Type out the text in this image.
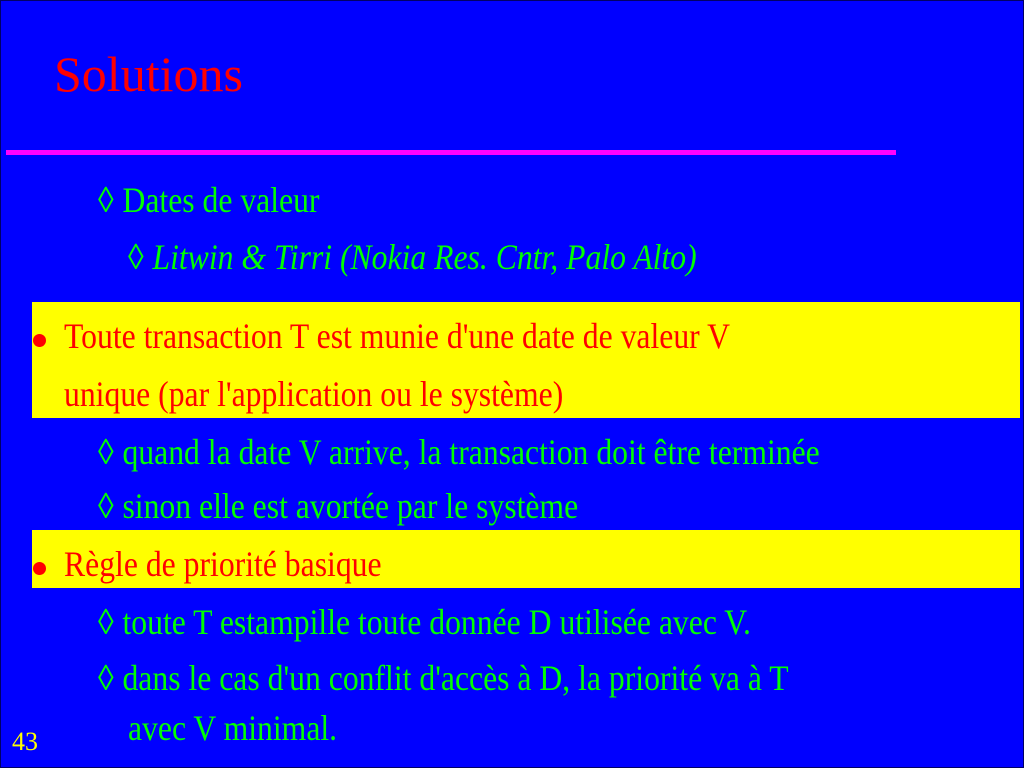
Solutions
◊ Dates de valeur
◊ Litwin & Tirri (Nokia Res. Cntr, Palo Alto)
Toute transaction T est munie d'une date de valeur V
unique (par l'application ou le système)
◊ quand la date V arrive, la transaction doit être terminée
◊ sinon elle est avortée par le système
Règle de priorité basique
◊ toute T estampille toute donnée D utilisée avec V.
◊ dans le cas d'un conflit d'accès à D, la priorité va à T
avec V minimal.
43
